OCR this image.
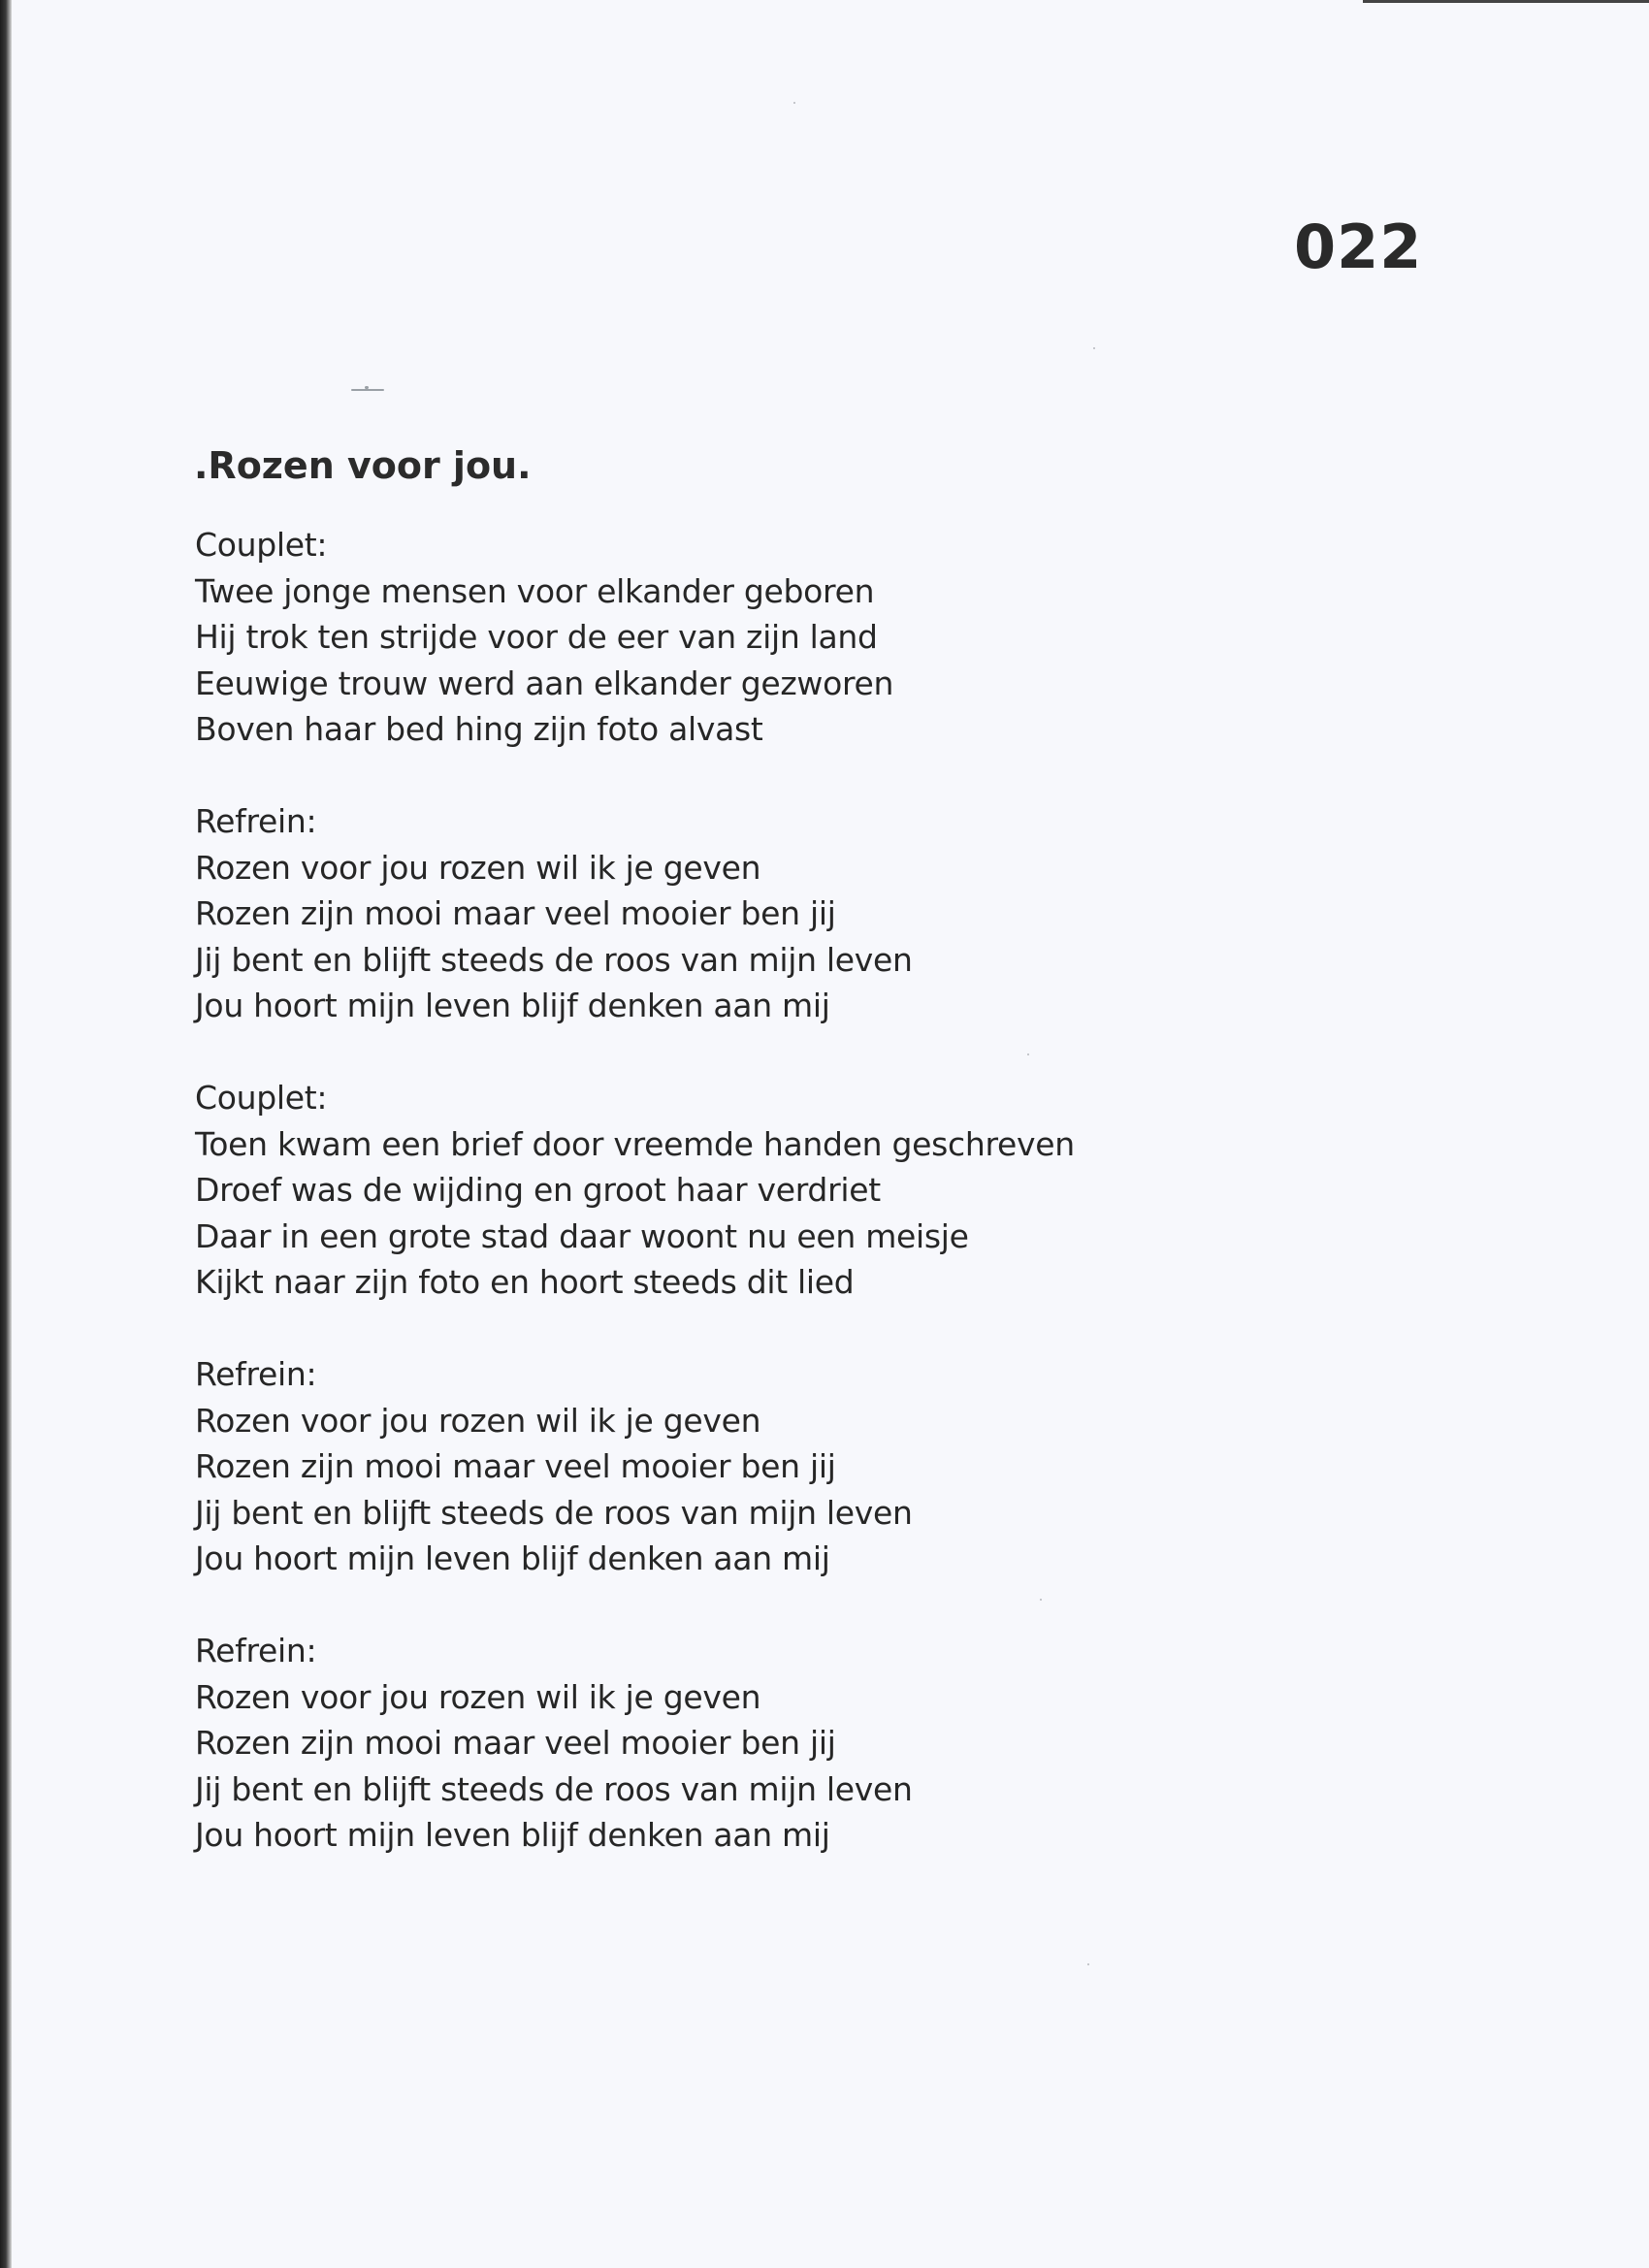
022
.Rozen voor jou.
Couplet:
Twee jonge mensen voor elkander geboren
Hij trok ten strijde voor de eer van zijn land
Eeuwige trouw werd aan elkander gezworen
Boven haar bed hing zijn foto alvast
Refrein:
Rozen voor jou rozen wil ik je geven
Rozen zijn mooi maar veel mooier ben jij
Jij bent en blijft steeds de roos van mijn leven
Jou hoort mijn leven blijf denken aan mij
Couplet:
Toen kwam een brief door vreemde handen geschreven
Droef was de wijding en groot haar verdriet
Daar in een grote stad daar woont nu een meisje
Kijkt naar zijn foto en hoort steeds dit lied
Refrein:
Rozen voor jou rozen wil ik je geven
Rozen zijn mooi maar veel mooier ben jij
Jij bent en blijft steeds de roos van mijn leven
Jou hoort mijn leven blijf denken aan mij
Refrein:
Rozen voor jou rozen wil ik je geven
Rozen zijn mooi maar veel mooier ben jij
Jij bent en blijft steeds de roos van mijn leven
Jou hoort mijn leven blijf denken aan mij
